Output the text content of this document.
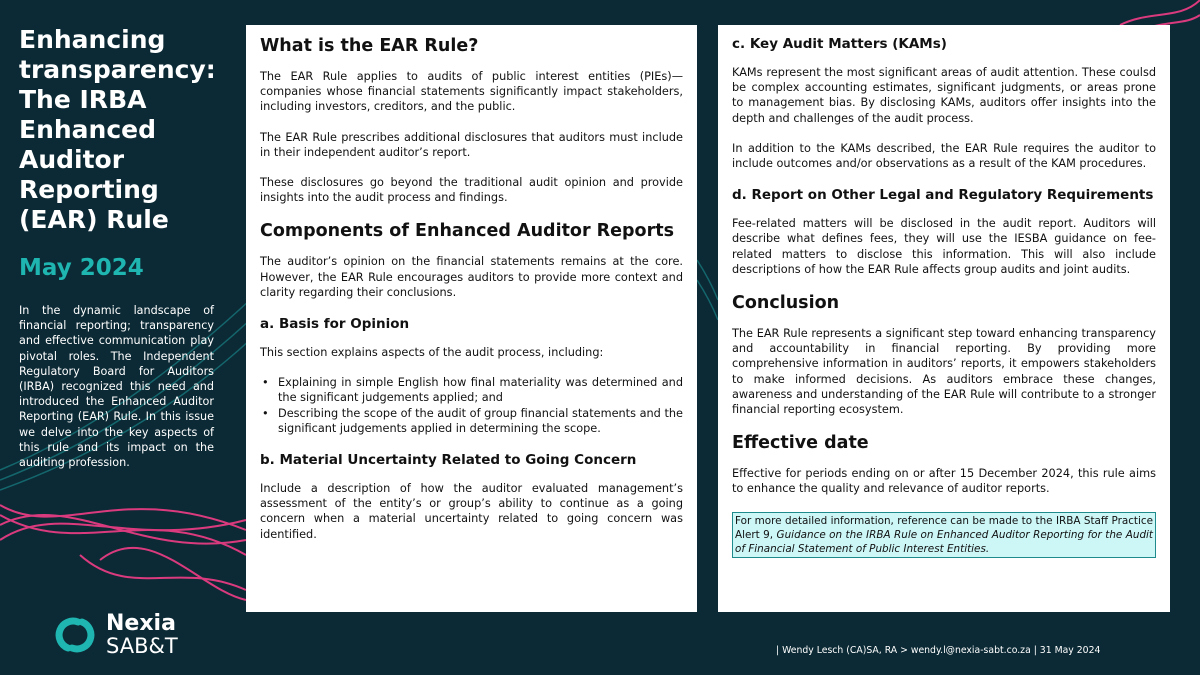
Enhancing transparency: The IRBA Enhanced Auditor Reporting (EAR) Rule
May 2024
In the dynamic landscape of financial reporting; transparency and effective communication play pivotal roles. The Independent Regulatory Board for Auditors (IRBA) recognized this need and introduced the Enhanced Auditor Reporting (EAR) Rule. In this issue we delve into the key aspects of this rule and its impact on the auditing profession.
What is the EAR Rule?

The EAR Rule applies to audits of public interest entities (PIEs)—companies whose financial statements significantly impact stakeholders, including investors, creditors, and the public.

The EAR Rule prescribes additional disclosures that auditors must include in their independent auditor’s report.

These disclosures go beyond the traditional audit opinion and provide insights into the audit process and findings.

Components of Enhanced Auditor Reports

The auditor’s opinion on the financial statements remains at the core. However, the EAR Rule encourages auditors to provide more context and clarity regarding their conclusions.

a. Basis for Opinion

This section explains aspects of the audit process, including:

• Explaining in simple English how final materiality was determined and the significant judgements applied; and
• Describing the scope of the audit of group financial statements and the significant judgements applied in determining the scope.
b. Material Uncertainty Related to Going Concern

Include a description of how the auditor evaluated management’s assessment of the entity’s or group’s ability to continue as a going concern when a material uncertainty related to going concern was identified.

c. Key Audit Matters (KAMs)

KAMs represent the most significant areas of audit attention. These coulsd be complex accounting estimates, significant judgments, or areas prone to management bias. By disclosing KAMs, auditors offer insights into the depth and challenges of the audit process.

In addition to the KAMs described, the EAR Rule requires the auditor to include outcomes and/or observations as a result of the KAM procedures.

d. Report on Other Legal and Regulatory Requirements

Fee-related matters will be disclosed in the audit report. Auditors will describe what defines fees, they will use the IESBA guidance on fee-related matters to disclose this information. This will also include descriptions of how the EAR Rule affects group audits and joint audits.

Conclusion

The EAR Rule represents a significant step toward enhancing transparency and accountability in financial reporting. By providing more comprehensive information in auditors’ reports, it empowers stakeholders to make informed decisions. As auditors embrace these changes, awareness and understanding of the EAR Rule will contribute to a stronger financial reporting ecosystem.

Effective date

Effective for periods ending on or after 15 December 2024, this rule aims to enhance the quality and relevance of auditor reports.

For more detailed information, reference can be made to the IRBA Staff Practice Alert 9, Guidance on the IRBA Rule on Enhanced Auditor Reporting for the Audit of Financial Statement of Public Interest Entities.
Nexia
SAB&T	| Wendy Lesch (CA)SA, RA > wendy.l@nexia-sabt.co.za | 31 May 2024
